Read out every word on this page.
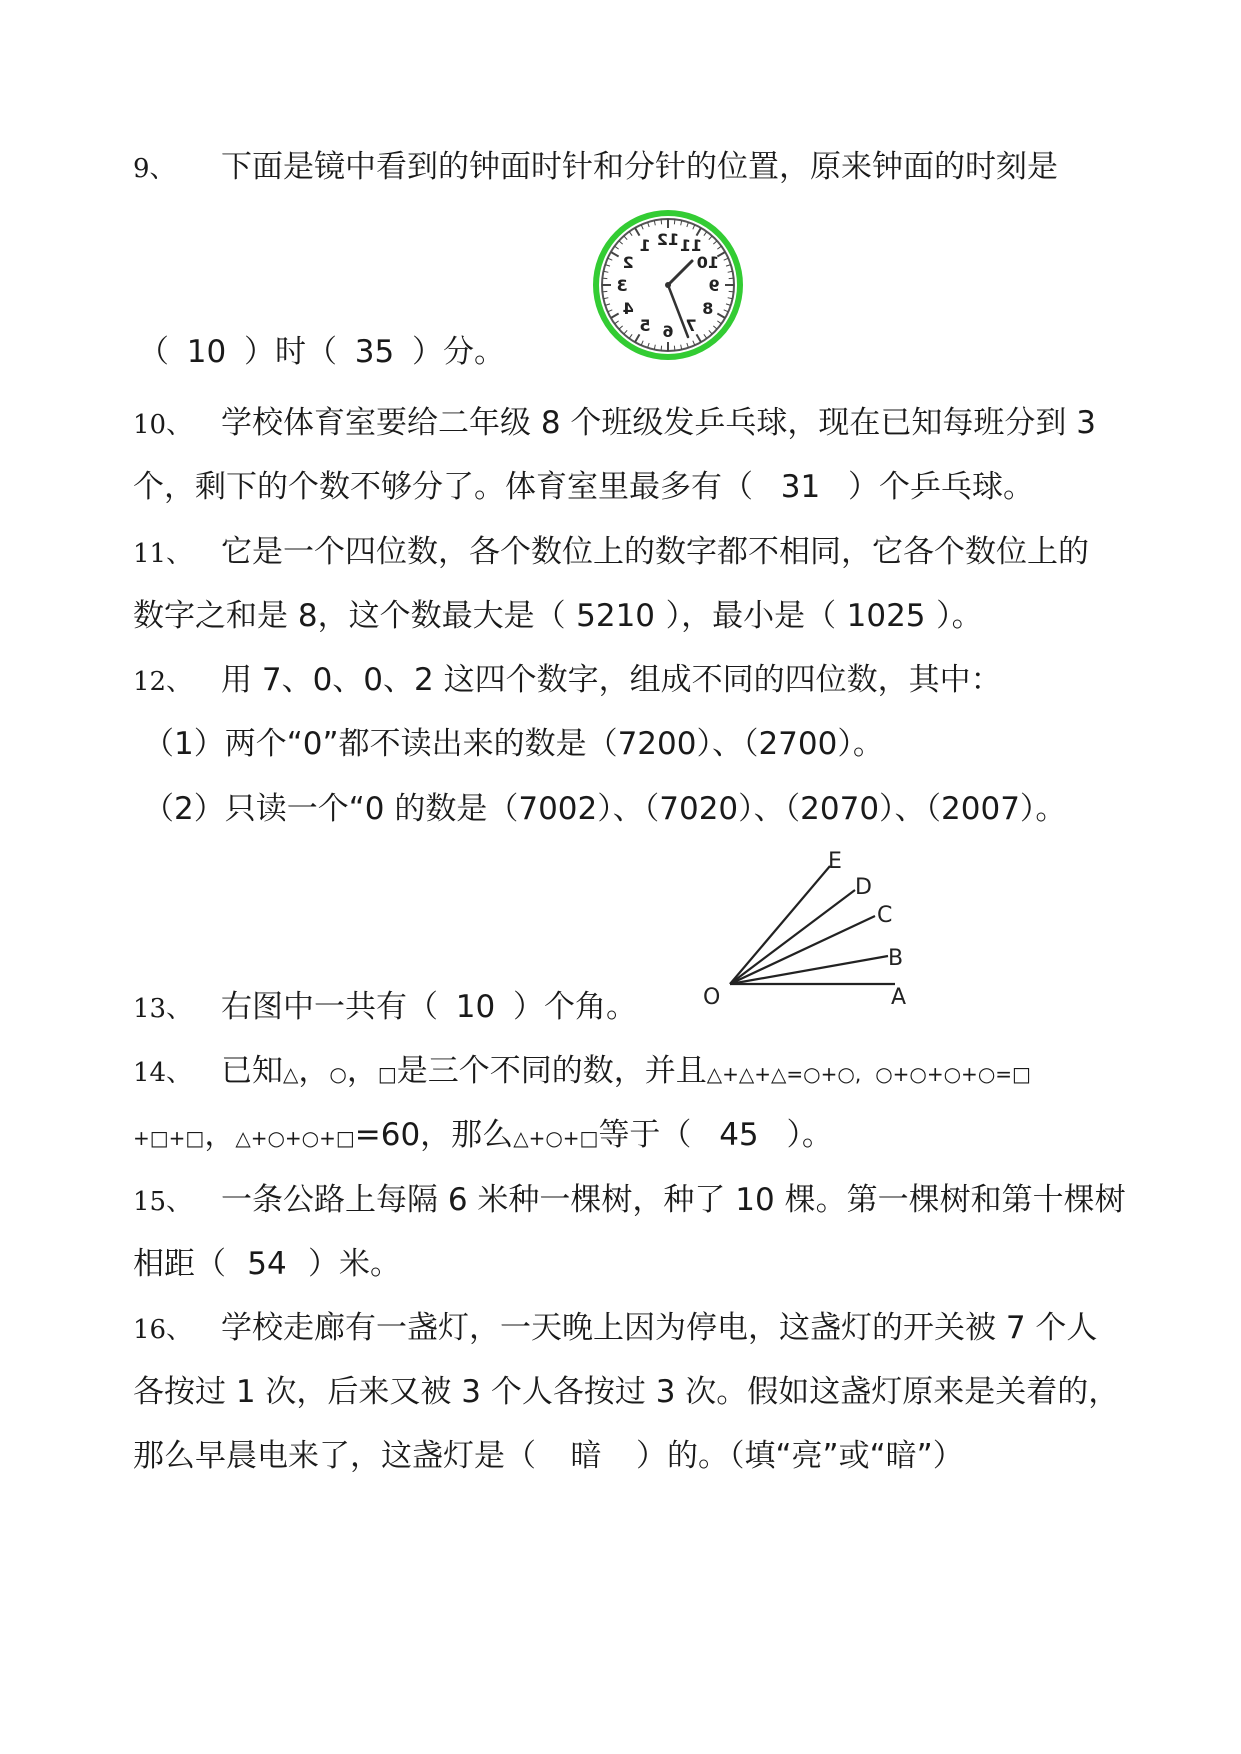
9、 下面是镜中看到的钟面时针和分针的位置，原来钟面的时刻是
12 11
10
9
8
7
6
5
4
3
2
1
（ 10 ）时（ 35 ）分。
10、 学校体育室要给二年级 8 个班级发乒乓球，现在已知每班分到 3
个，剩下的个数不够分了。体育室里最多有（ 31 ）个乒乓球。
11、 它是一个四位数，各个数位上的数字都不相同，它各个数位上的
数字之和是 8，这个数最大是（ 5210 ），最小是（ 1025 ）。
12、 用 7、0、0、2 这四个数字，组成不同的四位数，其中：
（1）两个“0”都不读出来的数是（7200）、（2700）。
（2）只读一个“0 的数是（7002）、（7020）、（2070）、（2007）。
O	A
B
C
D
E
13、 右图中一共有（ 10 ）个角。
14、 已知△，○，□是三个不同的数，并且△+△+△=○+○, ○+○+○+○=□
+□+□，△+○+○+□=60，那么△+○+□等于（ 45 ）。
15、 一条公路上每隔 6 米种一棵树，种了 10 棵。第一棵树和第十棵树
相距（ 54 ）米。
16、 学校走廊有一盏灯，一天晚上因为停电，这盏灯的开关被 7 个人
各按过 1 次，后来又被 3 个人各按过 3 次。假如这盏灯原来是关着的，
那么早晨电来了，这盏灯是（ 暗 ）的。（填“亮”或“暗”）
